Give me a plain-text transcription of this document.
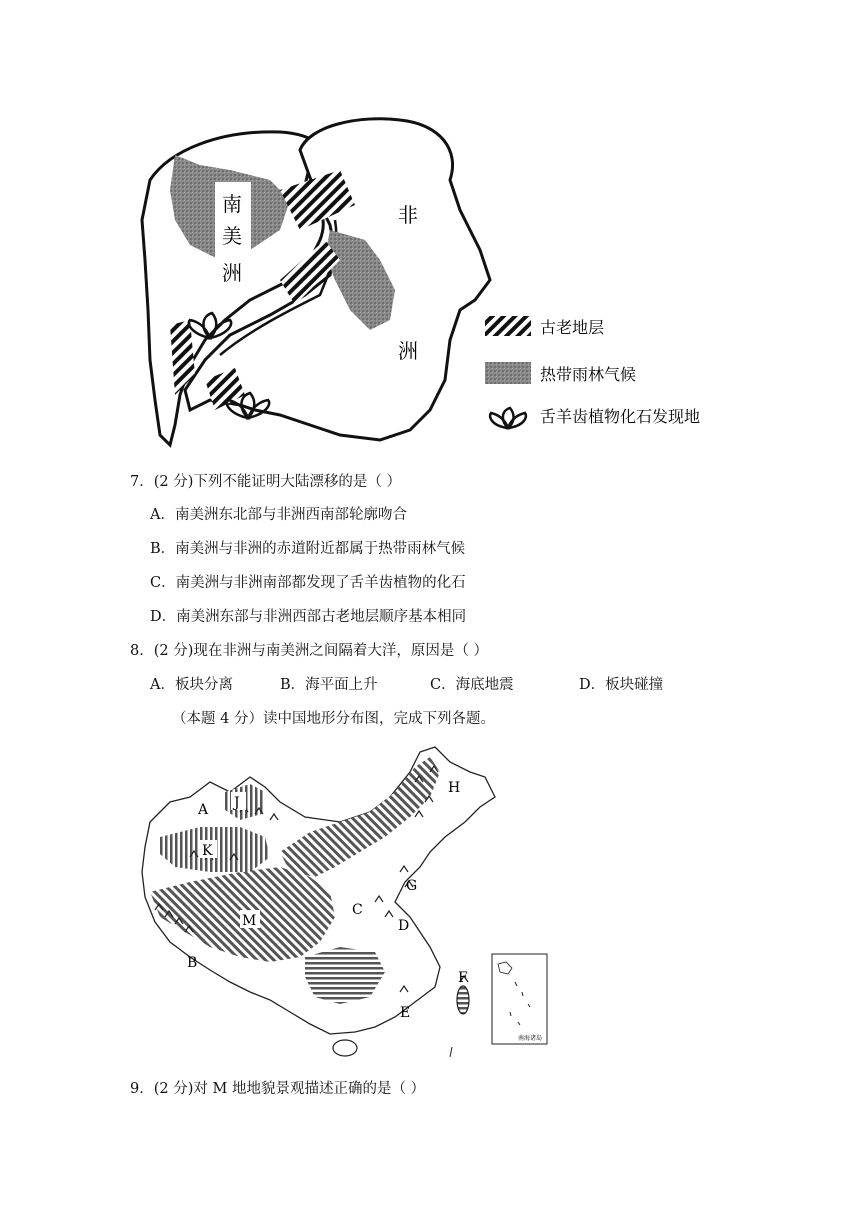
南
美
洲
非
洲
古老地层
热带雨林气候
舌羊齿植物化石发现地
7．(2 分)下列不能证明大陆漂移的是（ ）
A．南美洲东北部与非洲西南部轮廓吻合
B．南美洲与非洲的赤道附近都属于热带雨林气候
C．南美洲与非洲南部都发现了舌羊齿植物的化石
D．南美洲东部与非洲西部古老地层顺序基本相同
8．(2 分)现在非洲与南美洲之间隔着大洋，原因是（ ）
A．板块分离	B．海平面上升	C．海底地震	D．板块碰撞
（本题 4 分）读中国地形分布图，完成下列各题。
A J
H
K
G
C
M	D
B
F
E
南海诸岛
9．(2 分)对 M 地地貌景观描述正确的是（ ）
